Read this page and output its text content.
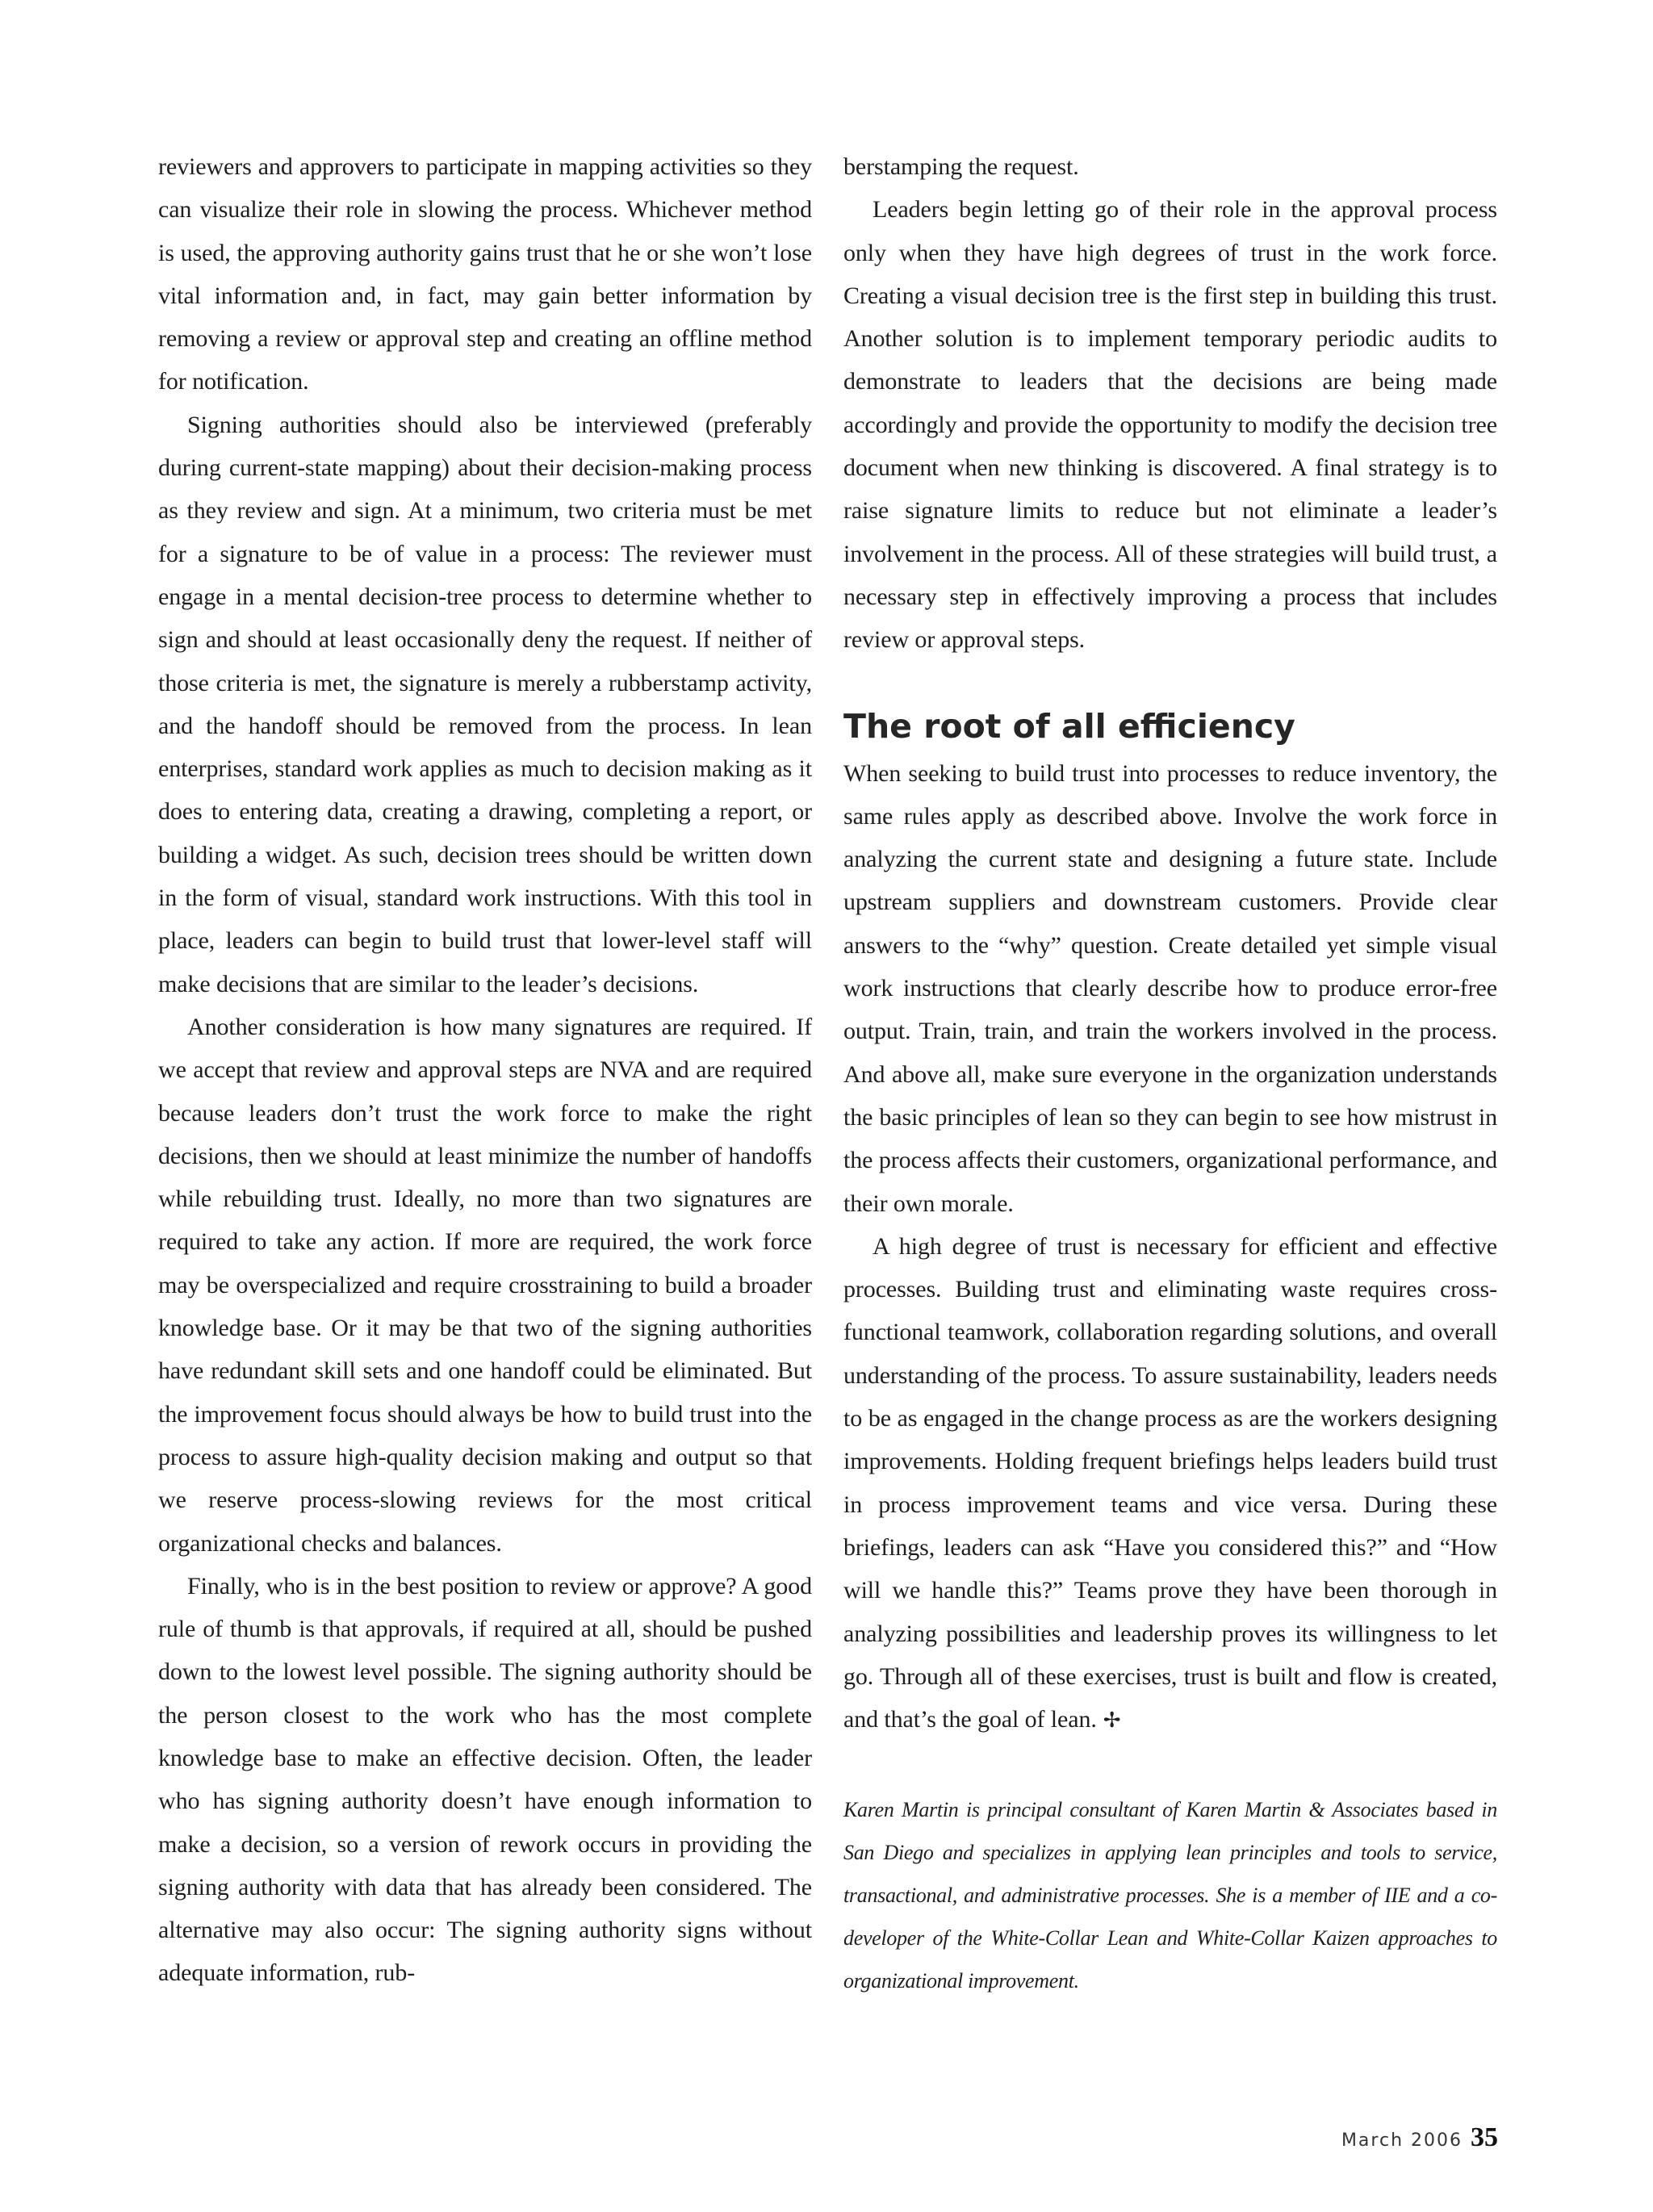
reviewers and approvers to participate in mapping activities so they can visualize their role in slowing the process. Whichever method is used, the approving authority gains trust that he or she won’t lose vital information and, in fact, may gain better information by removing a review or approval step and creating an offline method for notification.

Signing authorities should also be interviewed (preferably during current-state mapping) about their decision-making process as they review and sign. At a minimum, two criteria must be met for a signature to be of value in a process: The reviewer must engage in a mental decision-tree process to determine whether to sign and should at least occasionally deny the request. If neither of those criteria is met, the signature is merely a rubberstamp activity, and the handoff should be removed from the process. In lean enterprises, standard work applies as much to decision making as it does to entering data, creating a drawing, completing a report, or building a widget. As such, decision trees should be written down in the form of visual, standard work instructions. With this tool in place, leaders can begin to build trust that lower-level staff will make decisions that are similar to the leader’s decisions.

Another consideration is how many signatures are required. If we accept that review and approval steps are NVA and are required because leaders don’t trust the work force to make the right decisions, then we should at least minimize the number of handoffs while rebuilding trust. Ideally, no more than two signatures are required to take any action. If more are required, the work force may be overspecialized and require crosstraining to build a broader knowledge base. Or it may be that two of the signing authorities have redundant skill sets and one handoff could be eliminated. But the improvement focus should always be how to build trust into the process to assure high-quality decision making and output so that we reserve process-slowing reviews for the most critical organizational checks and balances.

Finally, who is in the best position to review or approve? A good rule of thumb is that approvals, if required at all, should be pushed down to the lowest level possible. The signing authority should be the person closest to the work who has the most complete knowledge base to make an effective decision. Often, the leader who has signing authority doesn’t have enough information to make a decision, so a version of rework occurs in providing the signing authority with data that has already been considered. The alternative may also occur: The signing authority signs without adequate information, rub-

berstamping the request.

Leaders begin letting go of their role in the approval process only when they have high degrees of trust in the work force. Creating a visual decision tree is the first step in building this trust. Another solution is to implement temporary periodic audits to demonstrate to leaders that the decisions are being made accordingly and provide the opportunity to modify the decision tree document when new thinking is discovered. A final strategy is to raise signature limits to reduce but not eliminate a leader’s involvement in the process. All of these strategies will build trust, a necessary step in effectively improving a process that includes review or approval steps.

The root of all efficiency

When seeking to build trust into processes to reduce inventory, the same rules apply as described above. Involve the work force in analyzing the current state and designing a future state. Include upstream suppliers and downstream customers. Provide clear answers to the “why” question. Create detailed yet simple visual work instructions that clearly describe how to produce error-free output. Train, train, and train the workers involved in the process. And above all, make sure everyone in the organization understands the basic principles of lean so they can begin to see how mistrust in the process affects their customers, organizational performance, and their own morale.

A high degree of trust is necessary for efficient and effective processes. Building trust and eliminating waste requires cross-functional teamwork, collaboration regarding solutions, and overall understanding of the process. To assure sustainability, leaders needs to be as engaged in the change process as are the workers designing improvements. Holding frequent briefings helps leaders build trust in process improvement teams and vice versa. During these briefings, leaders can ask “Have you considered this?” and “How will we handle this?” Teams prove they have been thorough in analyzing possibilities and leadership proves its willingness to let go. Through all of these exercises, trust is built and flow is created, and that’s the goal of lean. ✢

Karen Martin is principal consultant of Karen Martin & Associates based in San Diego and specializes in applying lean principles and tools to service, transactional, and administrative processes. She is a member of IIE and a co-developer of the White-Collar Lean and White-Collar Kaizen approaches to organizational improvement.

March 2006 35
